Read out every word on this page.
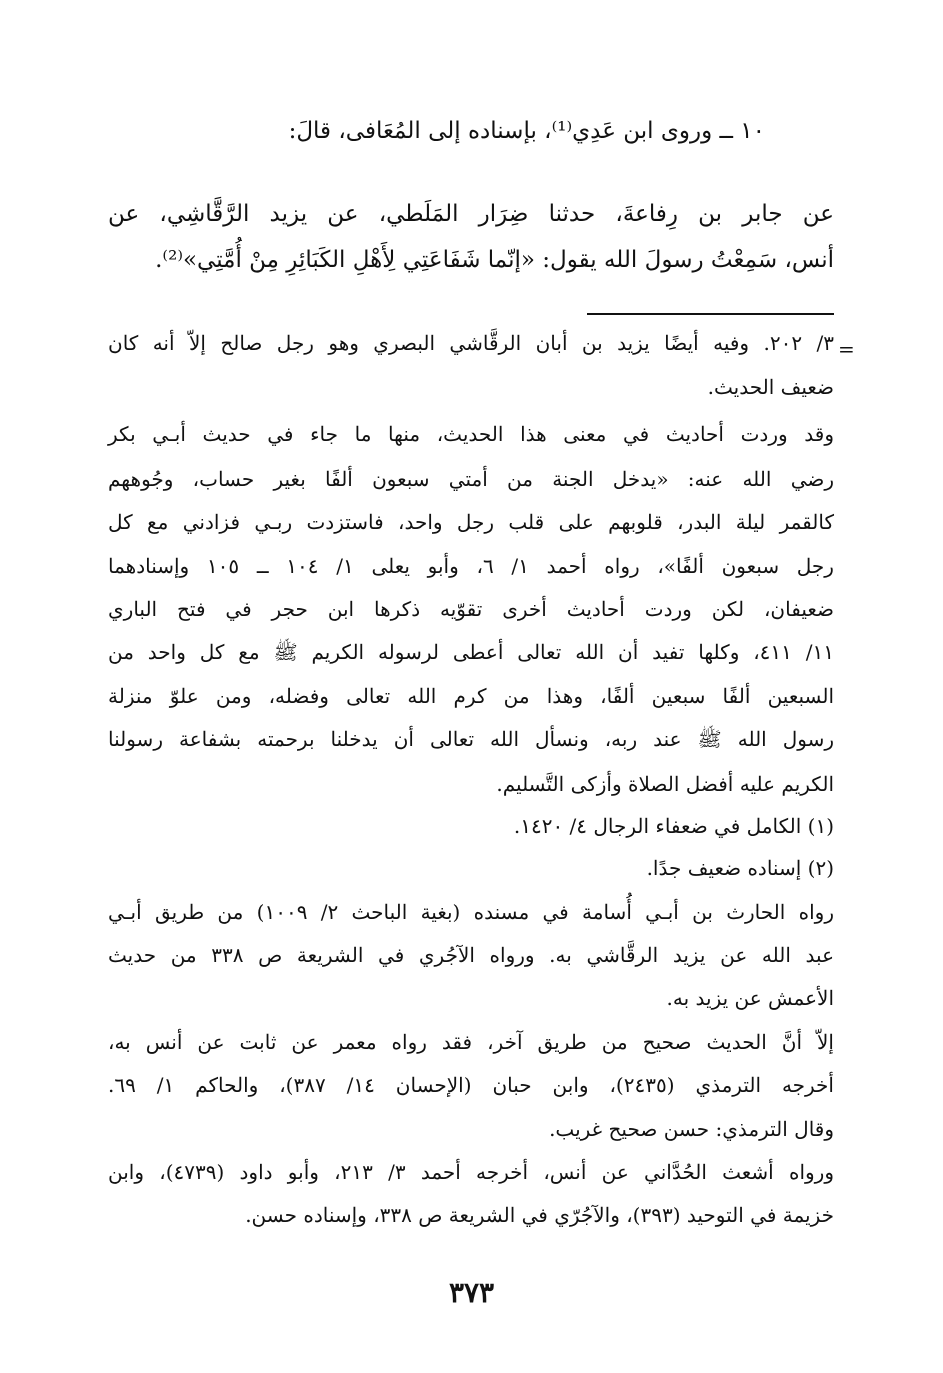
١٠ ــ وروى ابن عَدِي⁽¹⁾، بإسناده إلى المُعَافى، قالَ:
عن جابر بن رِفاعةَ، حدثنا ضِرَار المَلَطي، عن يزيد الرَّقَّاشِي، عن
أنس، سَمِعْتُ رسولَ الله يقول: «إنّما شَفَاعَتِي لِأَهْلِ الكَبَائِرِ مِنْ أُمَّتِي»⁽²⁾.
=
٣/ ٢٠٢. وفيه أيضًا يزيد بن أبان الرقَّاشي البصري وهو رجل صالح إلاّ أنه كان
ضعيف الحديث.
وقد وردت أحاديث في معنى هذا الحديث، منها ما جاء في حديث أبـي بكر
رضي الله عنه: «يدخل الجنة من أمتي سبعون ألفًا بغير حساب، وجُوههم
كالقمر ليلة البدر، قلوبهم على قلب رجل واحد، فاستزدت ربـي فزادني مع كل
رجل سبعون ألفًا»، رواه أحمد ١/ ٦، وأبو يعلى ١/ ١٠٤ ــ ١٠٥ وإسنادهما
ضعيفان، لكن وردت أحاديث أخرى تقوّيه ذكرها ابن حجر في فتح الباري
١١/ ٤١١، وكلها تفيد أن الله تعالى أعطى لرسوله الكريم ﷺ مع كل واحد من
السبعين ألفًا سبعين ألفًا، وهذا من كرم الله تعالى وفضله، ومن علوّ منزلة
رسول الله ﷺ عند ربه، ونسأل الله تعالى أن يدخلنا برحمته بشفاعة رسولنا
الكريم عليه أفضل الصلاة وأزكى التَّسليم.
(١) الكامل في ضعفاء الرجال ٤/ ١٤٢٠.
(٢) إسناده ضعيف جدًا.
رواه الحارث بن أبـي أُسامة في مسنده (بغية الباحث ٢/ ١٠٠٩) من طريق أبـي
عبد الله عن يزيد الرقَّاشي به. ورواه الآجُري في الشريعة ص ٣٣٨ من حديث
الأعمش عن يزيد به.
إلاّ أنَّ الحديث صحيح من طريق آخر، فقد رواه معمر عن ثابت عن أنس به،
أخرجه الترمذي (٢٤٣٥)، وابن حبان (الإحسان ١٤/ ٣٨٧)، والحاكم ١/ ٦٩.
وقال الترمذي: حسن صحيح غريب.
ورواه أشعث الحُدَّاني عن أنس، أخرجه أحمد ٣/ ٢١٣، وأبو داود (٤٧٣٩)، وابن
خزيمة في التوحيد (٣٩٣)، والآجُرّي في الشريعة ص ٣٣٨، وإسناده حسن.
٣٧٣
